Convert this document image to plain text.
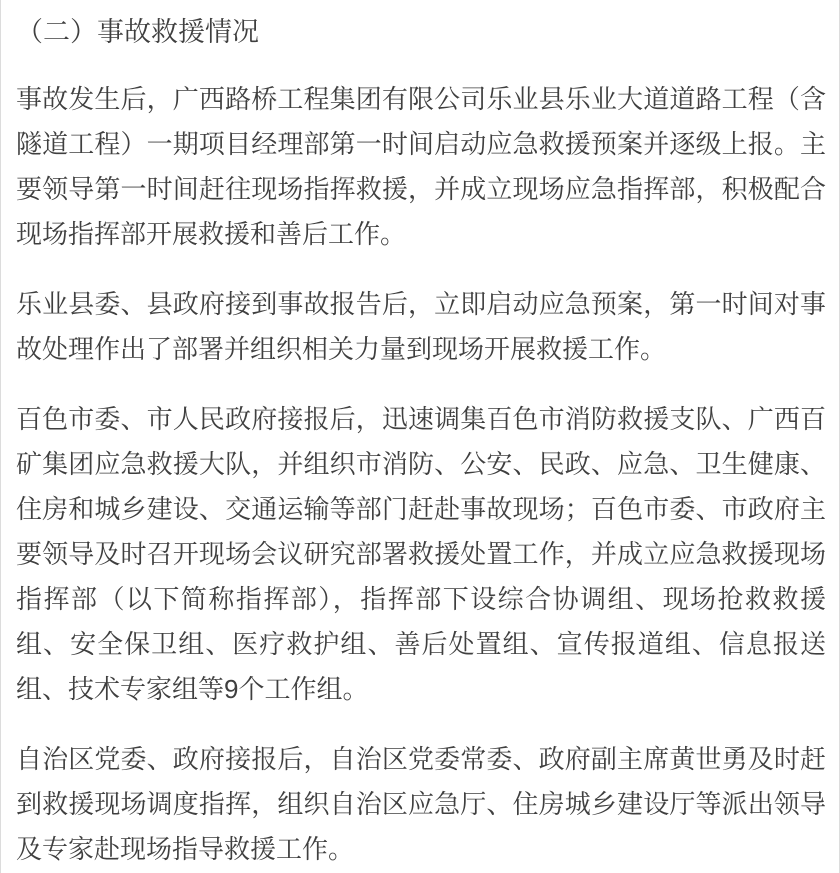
（二）事故救援情况

事故发生后，广西路桥工程集团有限公司乐业县乐业大道道路工程（含隧道工程）一期项目经理部第一时间启动应急救援预案并逐级上报。主要领导第一时间赶往现场指挥救援，并成立现场应急指挥部，积极配合现场指挥部开展救援和善后工作。

乐业县委、县政府接到事故报告后，立即启动应急预案，第一时间对事故处理作出了部署并组织相关力量到现场开展救援工作。

百色市委、市人民政府接报后，迅速调集百色市消防救援支队、广西百矿集团应急救援大队，并组织市消防、公安、民政、应急、卫生健康、住房和城乡建设、交通运输等部门赶赴事故现场；百色市委、市政府主要领导及时召开现场会议研究部署救援处置工作，并成立应急救援现场指挥部（以下简称指挥部），指挥部下设综合协调组、现场抢救救援组、安全保卫组、医疗救护组、善后处置组、宣传报道组、信息报送组、技术专家组等9个工作组。

自治区党委、政府接报后，自治区党委常委、政府副主席黄世勇及时赶到救援现场调度指挥，组织自治区应急厅、住房城乡建设厅等派出领导及专家赴现场指导救援工作。
